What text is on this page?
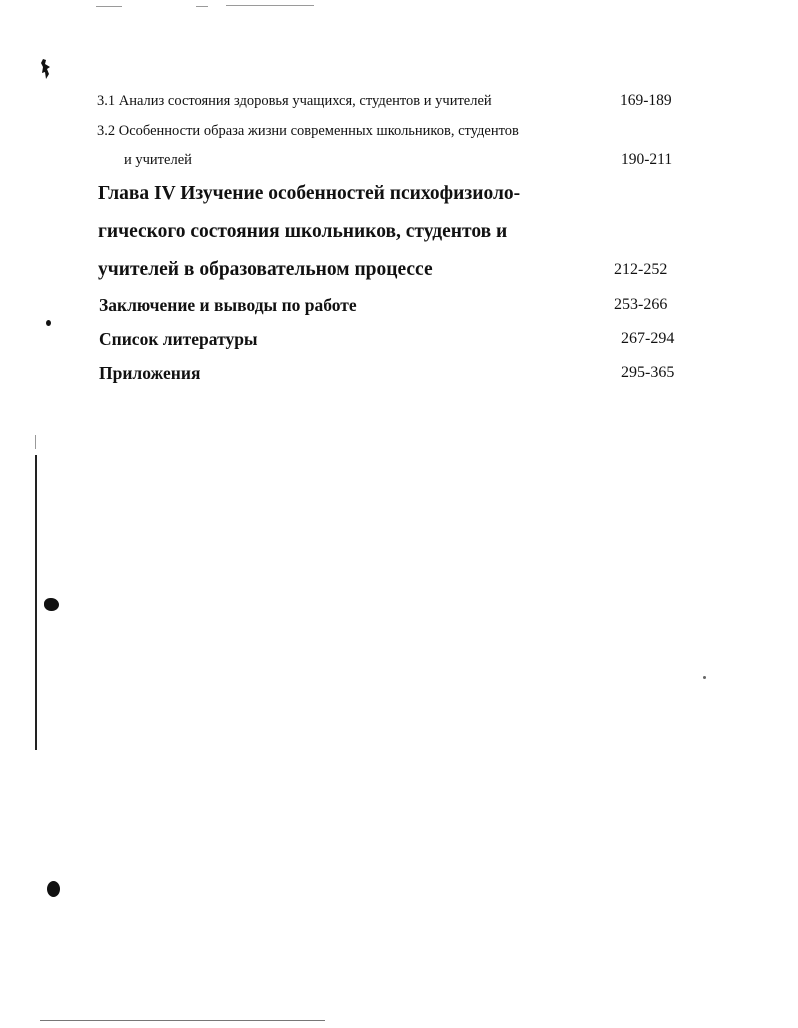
3.1 Анализ состояния здоровья учащихся, студентов и учителей	169-189
3.2 Особенности образа жизни современных школьников, студентов
и учителей	190-211
Глава IV Изучение особенностей психофизиоло-
гического состояния школьников, студентов и
учителей в образовательном процессе	212-252
Заключение и выводы по работе	253-266
Список литературы	267-294
Приложения	295-365
